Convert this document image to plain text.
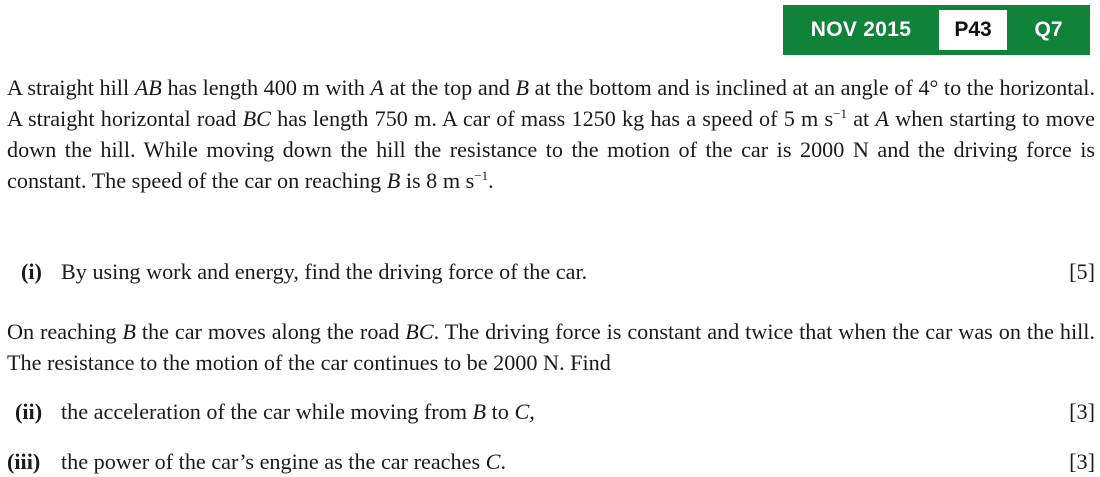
NOV 2015	P43	Q7
A straight hill AB has length 400 m with A at the top and B at the bottom and is inclined at an angle of 4° to the horizontal. A straight horizontal road BC has length 750 m. A car of mass 1250 kg has a speed of 5 m $s^{-1}$ at A when starting to move down the hill. While moving down the hill the resistance to the motion of the car is 2000 N and the driving force is constant. The speed of the car on reaching B is 8 m $s^{-1}$.
(i) By using work and energy, find the driving force of the car.	[5]
On reaching B the car moves along the road BC. The driving force is constant and twice that when the car was on the hill. The resistance to the motion of the car continues to be 2000 N. Find
(ii) the acceleration of the car while moving from B to C,	[3]
(iii) the power of the car’s engine as the car reaches C.	[3]
